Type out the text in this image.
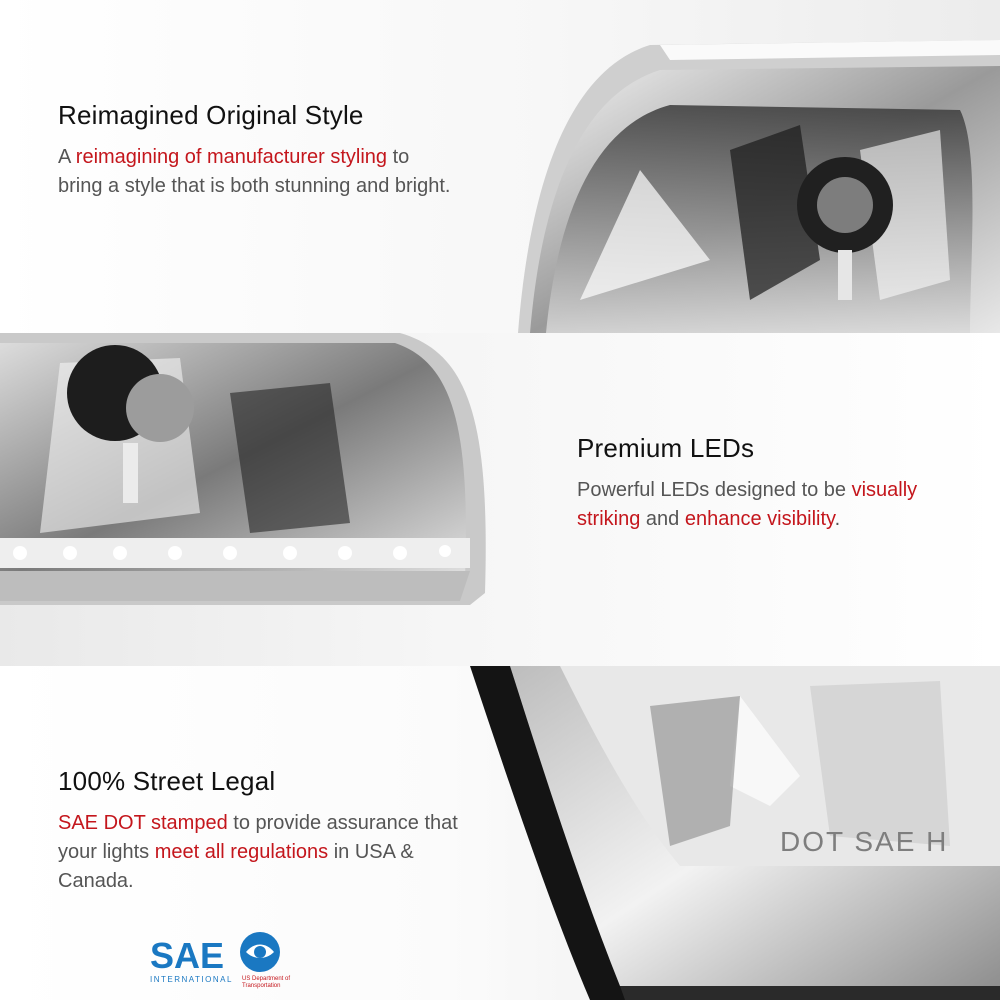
Reimagined Original Style
A reimagining of manufacturer styling to bring a style that is both stunning and bright.
Premium LEDs
Powerful LEDs designed to be visually striking and enhance visibility.
100% Street Legal
SAE DOT stamped to provide assurance that your lights meet all regulations in USA & Canada.
DOT SAE H
SAE
INTERNATIONAL US Department of
Transportation
